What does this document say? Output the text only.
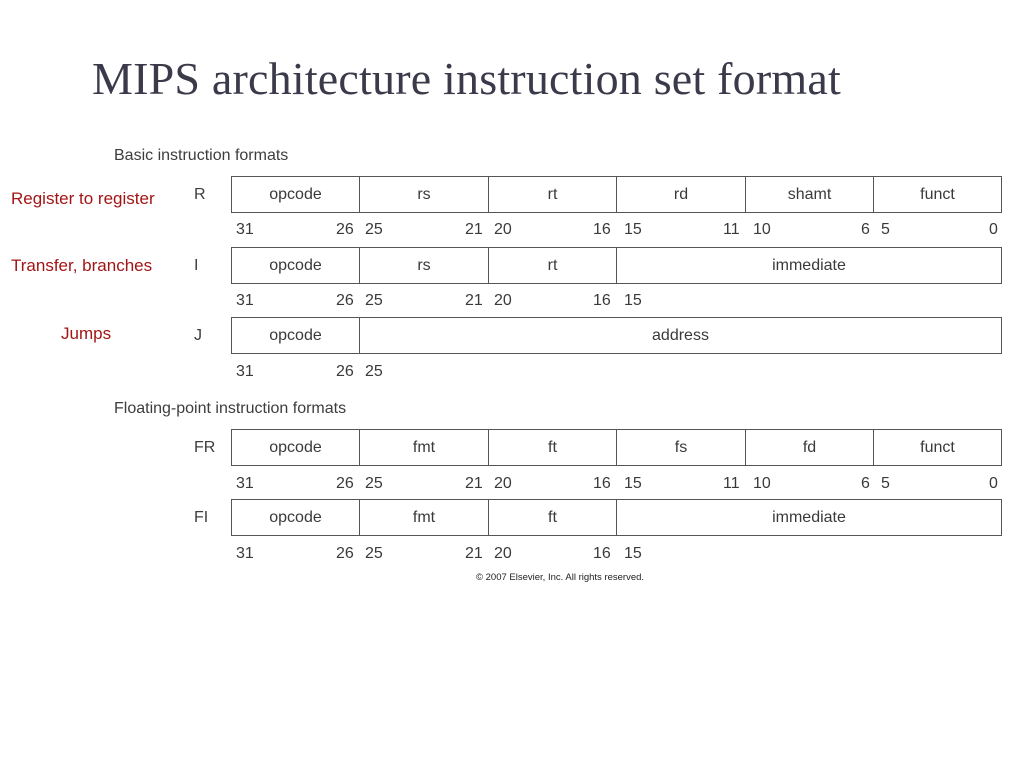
MIPS architecture instruction set format
Basic instruction formats
Floating-point instruction formats
Register to register
Transfer, branches
Jumps
R	opcode	rs	rt	rd	shamt	funct
31	26 25	21 20	16 15	11 10	6 5	0
I	opcode	rs	rt	immediate
31	26 25	21 20	16 15
J	opcode	address
31	26 25
FR	opcode	fmt	ft	fs	fd	funct
31	26 25	21 20	16 15	11 10	6 5	0
FI	opcode	fmt	ft	immediate
31	26 25	21 20	16 15
© 2007 Elsevier, Inc. All rights reserved.
